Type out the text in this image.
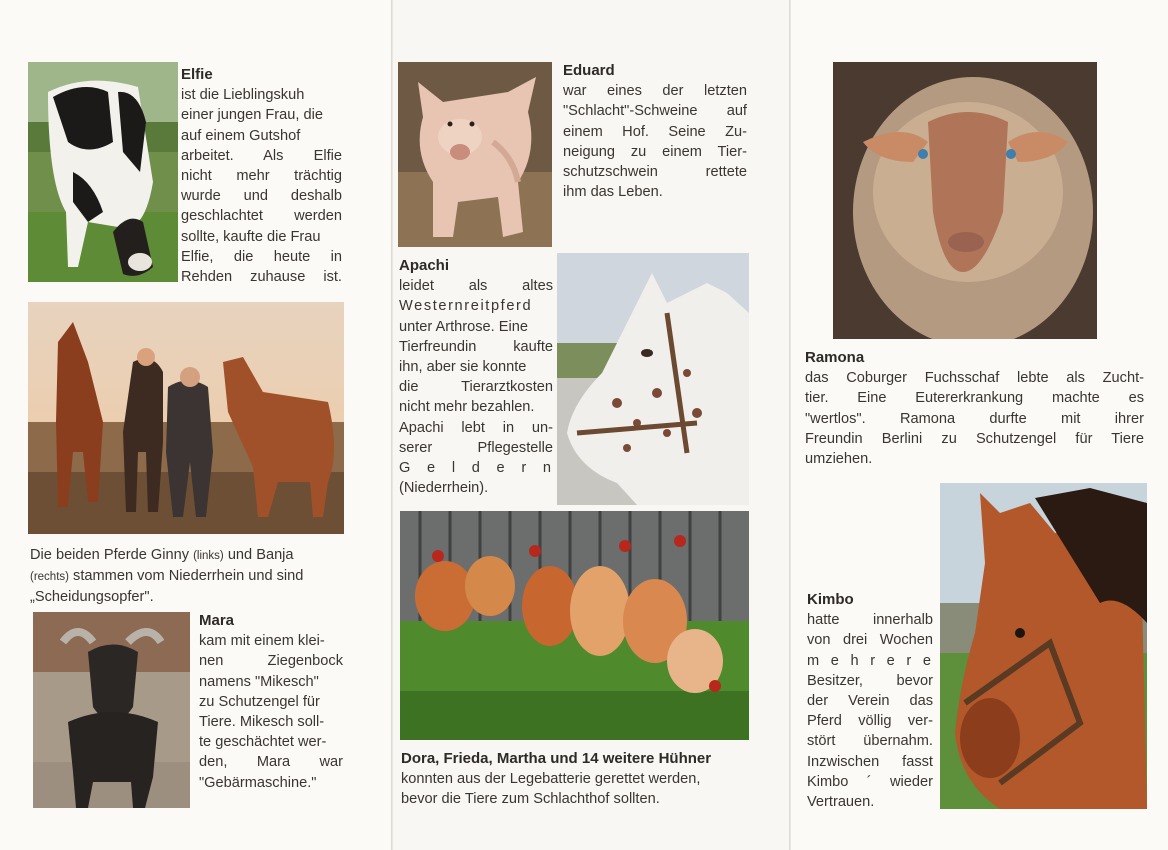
Elfie

ist die Lieblingskuh

einer jungen Frau, die

auf einem Gutshof

arbeitet. Als Elfie

nicht mehr trächtig

wurde und deshalb

geschlachtet werden

sollte, kaufte die Frau

Elfie, die heute in

Rehden zuhause ist.

Die beiden Pferde Ginny (links) und Banja
(rechts) stammen vom Niederrhein und sind
„Scheidungsopfer".
Mara

kam mit einem klei-

nen Ziegenbock

namens "Mikesch"

zu Schutzengel für

Tiere. Mikesch soll-

te geschächtet wer-

den, Mara war

"Gebärmaschine."

Eduard

war eines der letzten

"Schlacht"-Schweine auf

einem Hof. Seine Zu-

neigung zu einem Tier-

schutzschwein rettete

ihm das Leben.

Apachi

leidet als altes

Westernreitpferd

unter Arthrose. Eine

Tierfreundin kaufte

ihn, aber sie konnte

die Tierarztkosten

nicht mehr bezahlen.

Apachi lebt in un-

serer Pflegestelle

G e l d e r n

(Niederrhein).

Dora, Frieda, Martha und 14 weitere Hühner

konnten aus der Legebatterie gerettet werden,

bevor die Tiere zum Schlachthof sollten.

Ramona

das Coburger Fuchsschaf lebte als Zucht-

tier. Eine Eutererkrankung machte es

"wertlos". Ramona durfte mit ihrer

Freundin Berlini zu Schutzengel für Tiere

umziehen.

Kimbo

hatte innerhalb

von drei Wochen

m e h r e r e

Besitzer, bevor

der Verein das

Pferd völlig ver-

stört übernahm.

Inzwischen fasst

Kimbo ´ wieder

Vertrauen.
